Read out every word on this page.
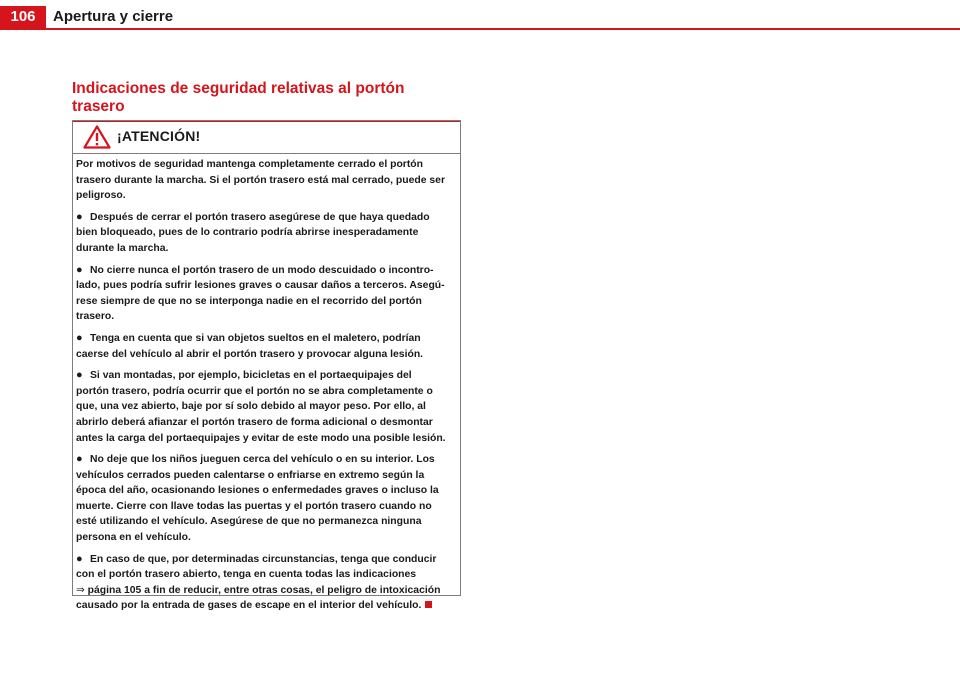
106	Apertura y cierre
Indicaciones de seguridad relativas al portón trasero
¡ATENCIÓN!

Por motivos de seguridad mantenga completamente cerrado el portón
trasero durante la marcha. Si el portón trasero está mal cerrado, puede ser
peligroso.

● Después de cerrar el portón trasero asegúrese de que haya quedado
bien bloqueado, pues de lo contrario podría abrirse inesperadamente
durante la marcha.

● No cierre nunca el portón trasero de un modo descuidado o incontro-
lado, pues podría sufrir lesiones graves o causar daños a terceros. Asegú-
rese siempre de que no se interponga nadie en el recorrido del portón
trasero.

● Tenga en cuenta que si van objetos sueltos en el maletero, podrían
caerse del vehículo al abrir el portón trasero y provocar alguna lesión.

● Si van montadas, por ejemplo, bicicletas en el portaequipajes del
portón trasero, podría ocurrir que el portón no se abra completamente o
que, una vez abierto, baje por sí solo debido al mayor peso. Por ello, al
abrirlo deberá afianzar el portón trasero de forma adicional o desmontar
antes la carga del portaequipajes y evitar de este modo una posible lesión.

● No deje que los niños jueguen cerca del vehículo o en su interior. Los
vehículos cerrados pueden calentarse o enfriarse en extremo según la
época del año, ocasionando lesiones o enfermedades graves o incluso la
muerte. Cierre con llave todas las puertas y el portón trasero cuando no
esté utilizando el vehículo. Asegúrese de que no permanezca ninguna
persona en el vehículo.

● En caso de que, por determinadas circunstancias, tenga que conducir
con el portón trasero abierto, tenga en cuenta todas las indicaciones
⇒ página 105 a fin de reducir, entre otras cosas, el peligro de intoxicación
causado por la entrada de gases de escape en el interior del vehículo.
